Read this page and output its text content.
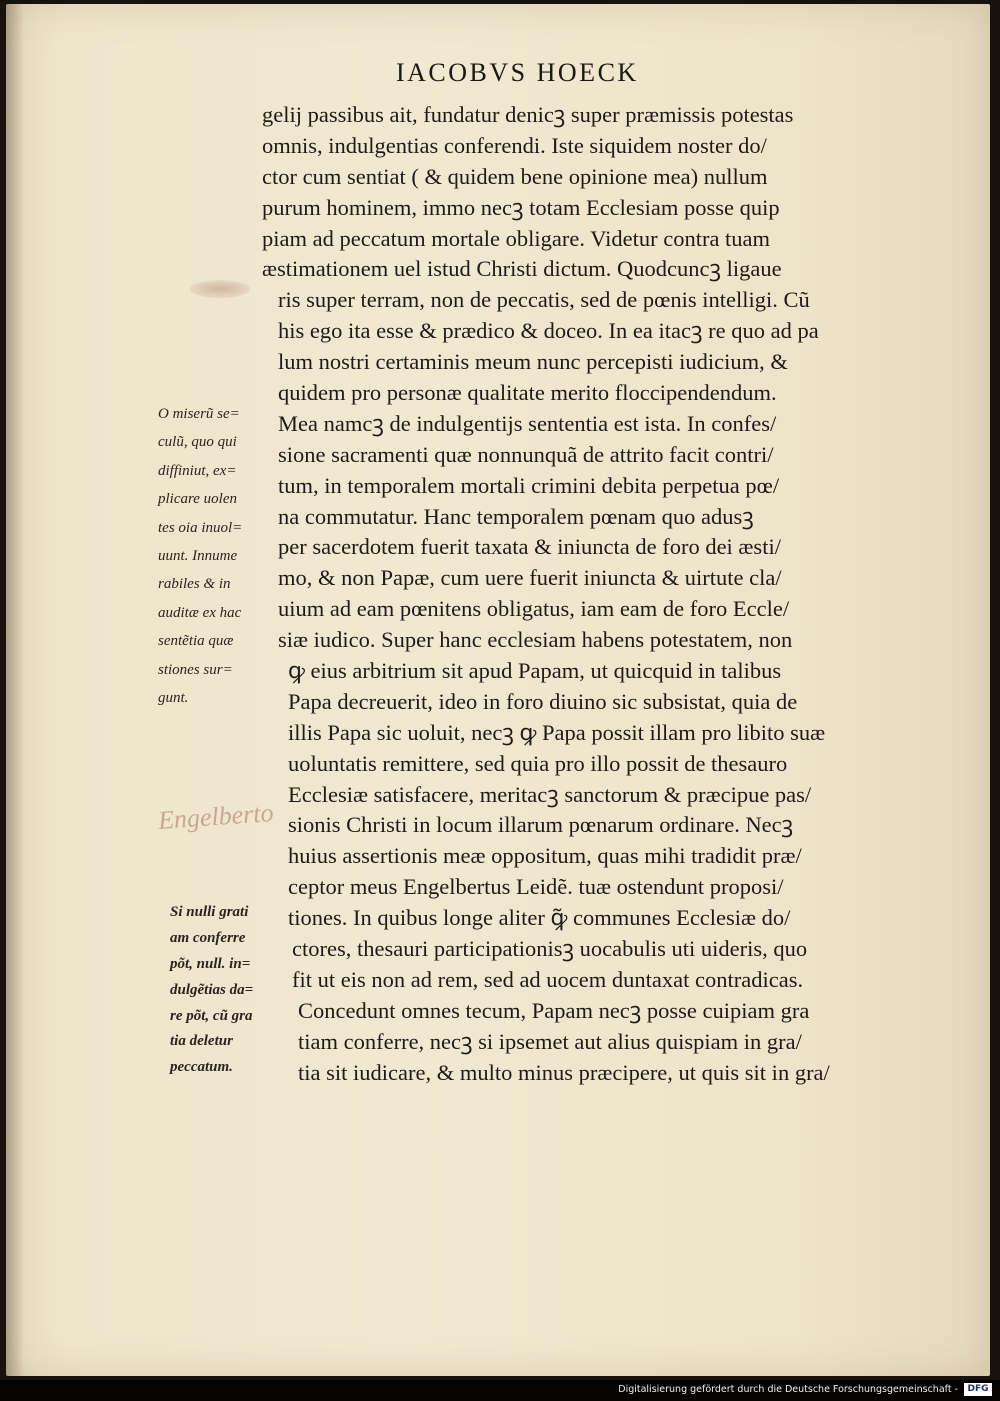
IACOBVS HOECK
gelij passibus ait, fundatur denicꝫ super præmissis potestas
omnis, indulgentias conferendi. Iste siquidem noster do/
ctor cum sentiat ( & quidem bene opinione mea) nullum
purum hominem, immo necꝫ totam Ecclesiam posse quip
piam ad peccatum mortale obligare. Videtur contra tuam
æstimationem uel istud Christi dictum. Quodcuncꝫ ligaue
ris super terram, non de peccatis, sed de pœnis intelligi. Cũ
his ego ita esse & prædico & doceo. In ea itacꝫ re quo ad pa
lum nostri certaminis meum nunc percepisti iudicium, &
quidem pro personæ qualitate merito floccipendendum.
Mea namcꝫ de indulgentijs sententia est ista. In confes/
sione sacramenti quæ nonnunquã de attrito facit contri/
tum, in temporalem mortali crimini debita perpetua pœ/
na commutatur. Hanc temporalem pœnam quo adusꝫ
per sacerdotem fuerit taxata & iniuncta de foro dei æsti/
mo, & non Papæ, cum uere fuerit iniuncta & uirtute cla/
uium ad eam pœnitens obligatus, iam eam de foro Eccle/
siæ iudico. Super hanc ecclesiam habens potestatem, non
ꝙ eius arbitrium sit apud Papam, ut quicquid in talibus
Papa decreuerit, ideo in foro diuino sic subsistat, quia de
illis Papa sic uoluit, necꝫ ꝙ Papa possit illam pro libito suæ
uoluntatis remittere, sed quia pro illo possit de thesauro
Ecclesiæ satisfacere, meritacꝫ sanctorum & præcipue pas/
sionis Christi in locum illarum pœnarum ordinare. Necꝫ
huius assertionis meæ oppositum, quas mihi tradidit præ/
ceptor meus Engelbertus Leidẽ. tuæ ostendunt proposi/
tiones. In quibus longe aliter ꝙ̃ communes Ecclesiæ do/
ctores, thesauri participationisꝫ uocabulis uti uideris, quo
fit ut eis non ad rem, sed ad uocem duntaxat contradicas.
Concedunt omnes tecum, Papam necꝫ posse cuipiam gra
tiam conferre, necꝫ si ipsemet aut alius quispiam in gra/
tia sit iudicare, & multo minus præcipere, ut quis sit in gra/
O miserũ se=
culũ, quo qui
diffiniut, ex=
plicare uolen
tes oia inuol=
uunt. Innume
rabiles & in
auditæ ex hac
sentẽtia quæ
stiones sur=
gunt.
Engelberto
Si nulli grati
am conferre
põt, null. in=
dulgẽtias da=
re põt, cũ gra
tia deletur
peccatum.
Digitalisierung gefördert durch die Deutsche Forschungsgemeinschaft -	DFG
